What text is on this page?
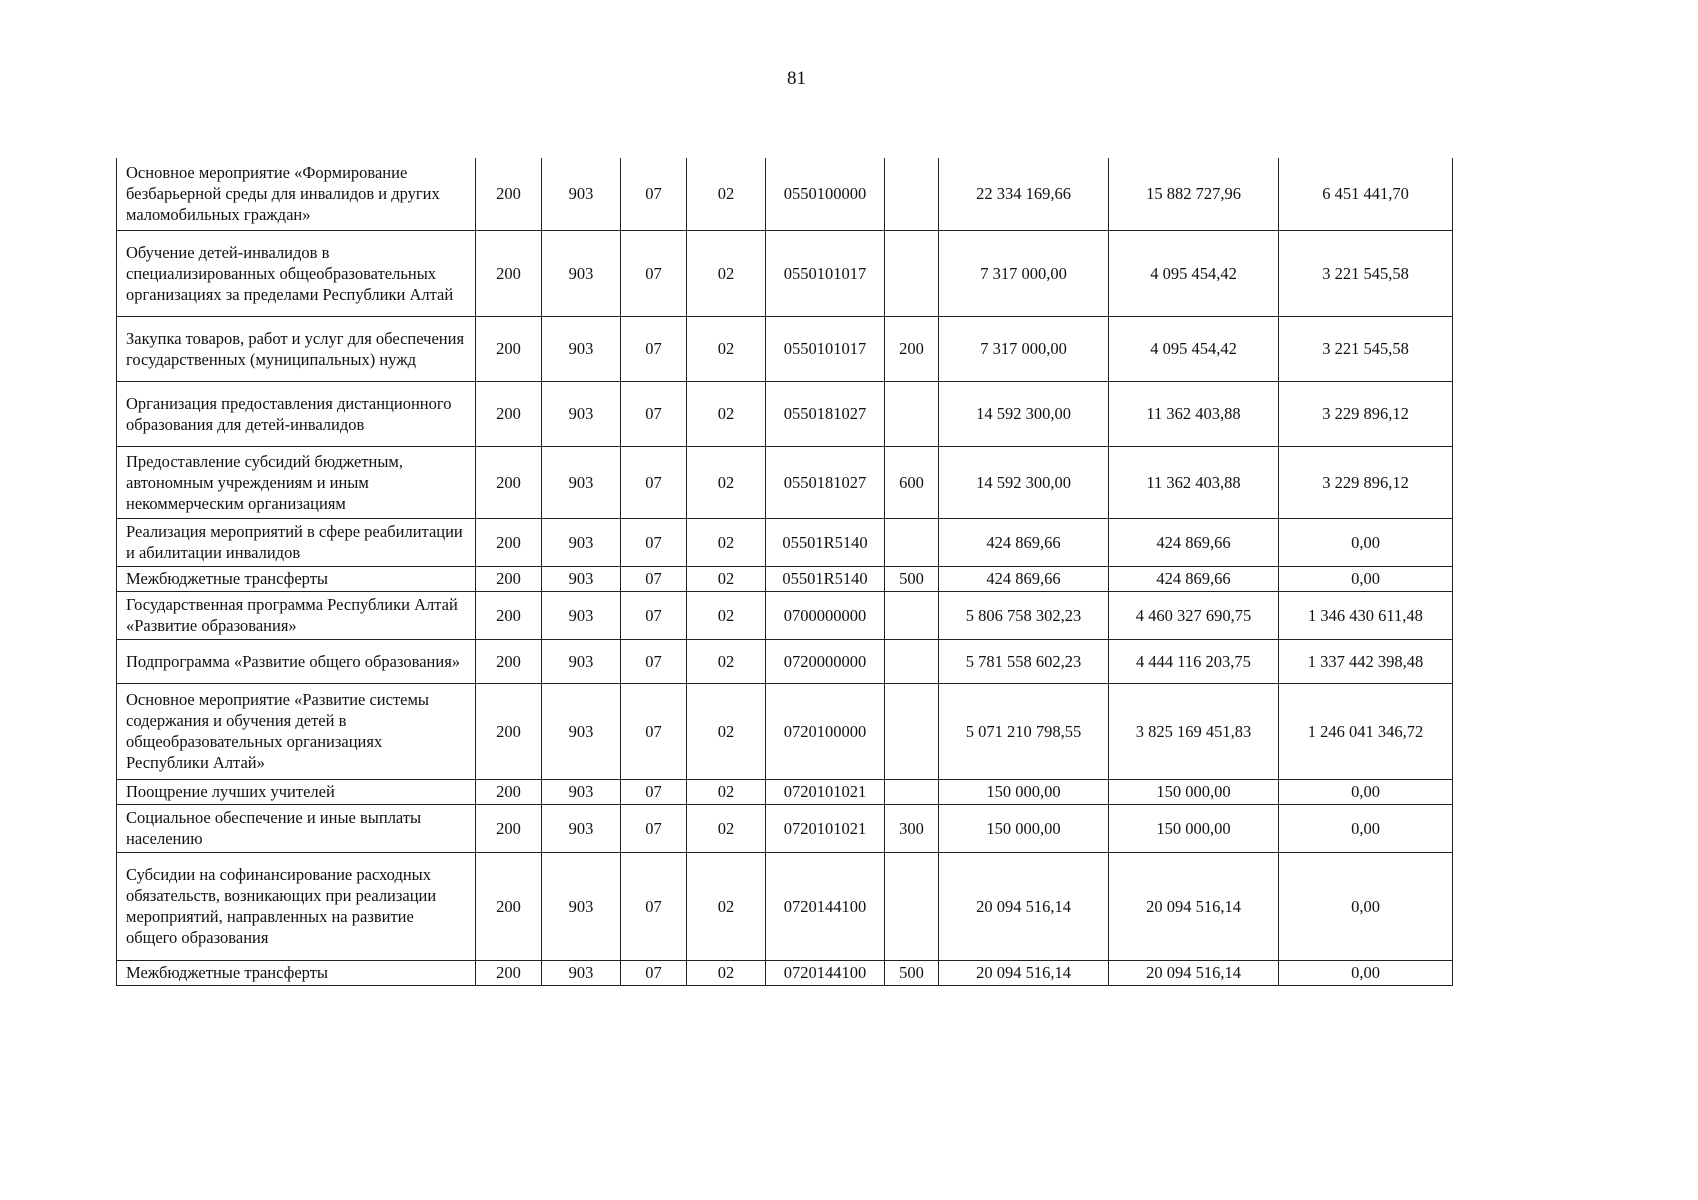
81
Основное мероприятие «Формирование безбарьерной среды для инвалидов и других маломобильных граждан»	200	903	07	02	0550100000		22 334 169,66	15 882 727,96	6 451 441,70
Обучение детей-инвалидов в специализированных общеобразовательных организациях за пределами Республики Алтай	200	903	07	02	0550101017		7 317 000,00	4 095 454,42	3 221 545,58
Закупка товаров, работ и услуг для обеспечения государственных (муниципальных) нужд	200	903	07	02	0550101017	200	7 317 000,00	4 095 454,42	3 221 545,58
Организация предоставления дистанционного образования для детей-инвалидов	200	903	07	02	0550181027		14 592 300,00	11 362 403,88	3 229 896,12
Предоставление субсидий бюджетным, автономным учреждениям и иным некоммерческим организациям	200	903	07	02	0550181027	600	14 592 300,00	11 362 403,88	3 229 896,12
Реализация мероприятий в сфере реабилитации и абилитации инвалидов	200	903	07	02	05501R5140		424 869,66	424 869,66	0,00
Межбюджетные трансферты	200	903	07	02	05501R5140	500	424 869,66	424 869,66	0,00
Государственная программа Республики Алтай «Развитие образования»	200	903	07	02	0700000000		5 806 758 302,23	4 460 327 690,75	1 346 430 611,48
Подпрограмма «Развитие общего образования»	200	903	07	02	0720000000		5 781 558 602,23	4 444 116 203,75	1 337 442 398,48
Основное мероприятие «Развитие системы содержания и обучения детей в общеобразовательных организациях Республики Алтай»	200	903	07	02	0720100000		5 071 210 798,55	3 825 169 451,83	1 246 041 346,72
Поощрение лучших учителей	200	903	07	02	0720101021		150 000,00	150 000,00	0,00
Социальное обеспечение и иные выплаты населению	200	903	07	02	0720101021	300	150 000,00	150 000,00	0,00
Субсидии на софинансирование расходных обязательств, возникающих при реализации мероприятий, направленных на развитие общего образования	200	903	07	02	0720144100		20 094 516,14	20 094 516,14	0,00
Межбюджетные трансферты	200	903	07	02	0720144100	500	20 094 516,14	20 094 516,14	0,00
